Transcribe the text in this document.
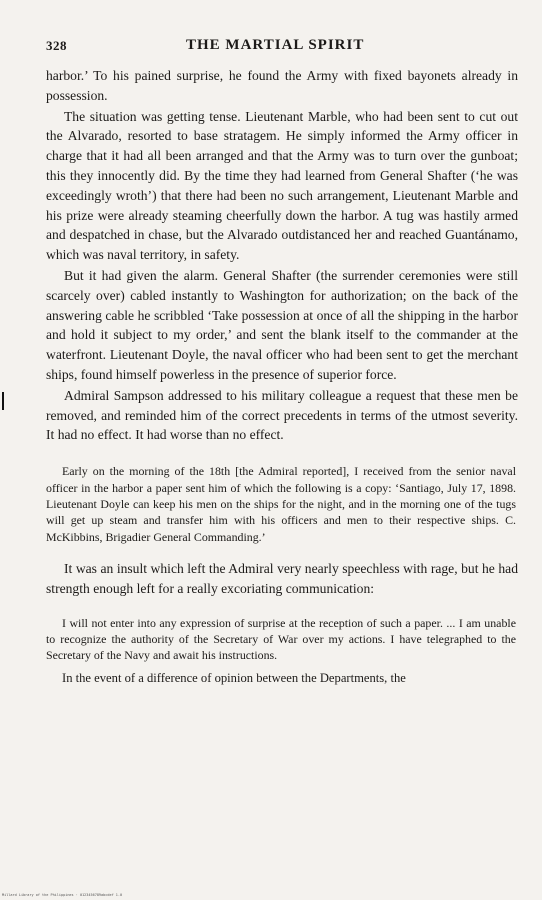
328	THE MARTIAL SPIRIT

harbor.’ To his pained surprise, he found the Army with fixed bayonets already in possession.

The situation was getting tense. Lieutenant Marble, who had been sent to cut out the Alvarado, resorted to base stratagem. He simply informed the Army officer in charge that it had all been arranged and that the Army was to turn over the gunboat; this they innocently did. By the time they had learned from General Shafter (‘he was exceedingly wroth’) that there had been no such arrangement, Lieutenant Marble and his prize were already steaming cheerfully down the harbor. A tug was hastily armed and despatched in chase, but the Alvarado outdistanced her and reached Guantánamo, which was naval territory, in safety.

But it had given the alarm. General Shafter (the surrender ceremonies were still scarcely over) cabled instantly to Washington for authorization; on the back of the answering cable he scribbled ‘Take possession at once of all the shipping in the harbor and hold it subject to my order,’ and sent the blank itself to the commander at the waterfront. Lieutenant Doyle, the naval officer who had been sent to get the merchant ships, found himself powerless in the presence of superior force.

Admiral Sampson addressed to his military colleague a request that these men be removed, and reminded him of the correct precedents in terms of the utmost severity. It had no effect. It had worse than no effect.

Early on the morning of the 18th [the Admiral reported], I received from the senior naval officer in the harbor a paper sent him of which the following is a copy: ‘Santiago, July 17, 1898. Lieutenant Doyle can keep his men on the ships for the night, and in the morning one of the tugs will get up steam and transfer him with his officers and men to their respective ships. C. McKibbins, Brigadier General Commanding.’

It was an insult which left the Admiral very nearly speechless with rage, but he had strength enough left for a really excoriating communication:

I will not enter into any expression of surprise at the reception of such a paper. ... I am unable to recognize the authority of the Secretary of War over my actions. I have telegraphed to the Secretary of the Navy and await his instructions.

In the event of a difference of opinion between the Departments, the

Millard Library of the Philippines · 0123456789abcdef 1.0
